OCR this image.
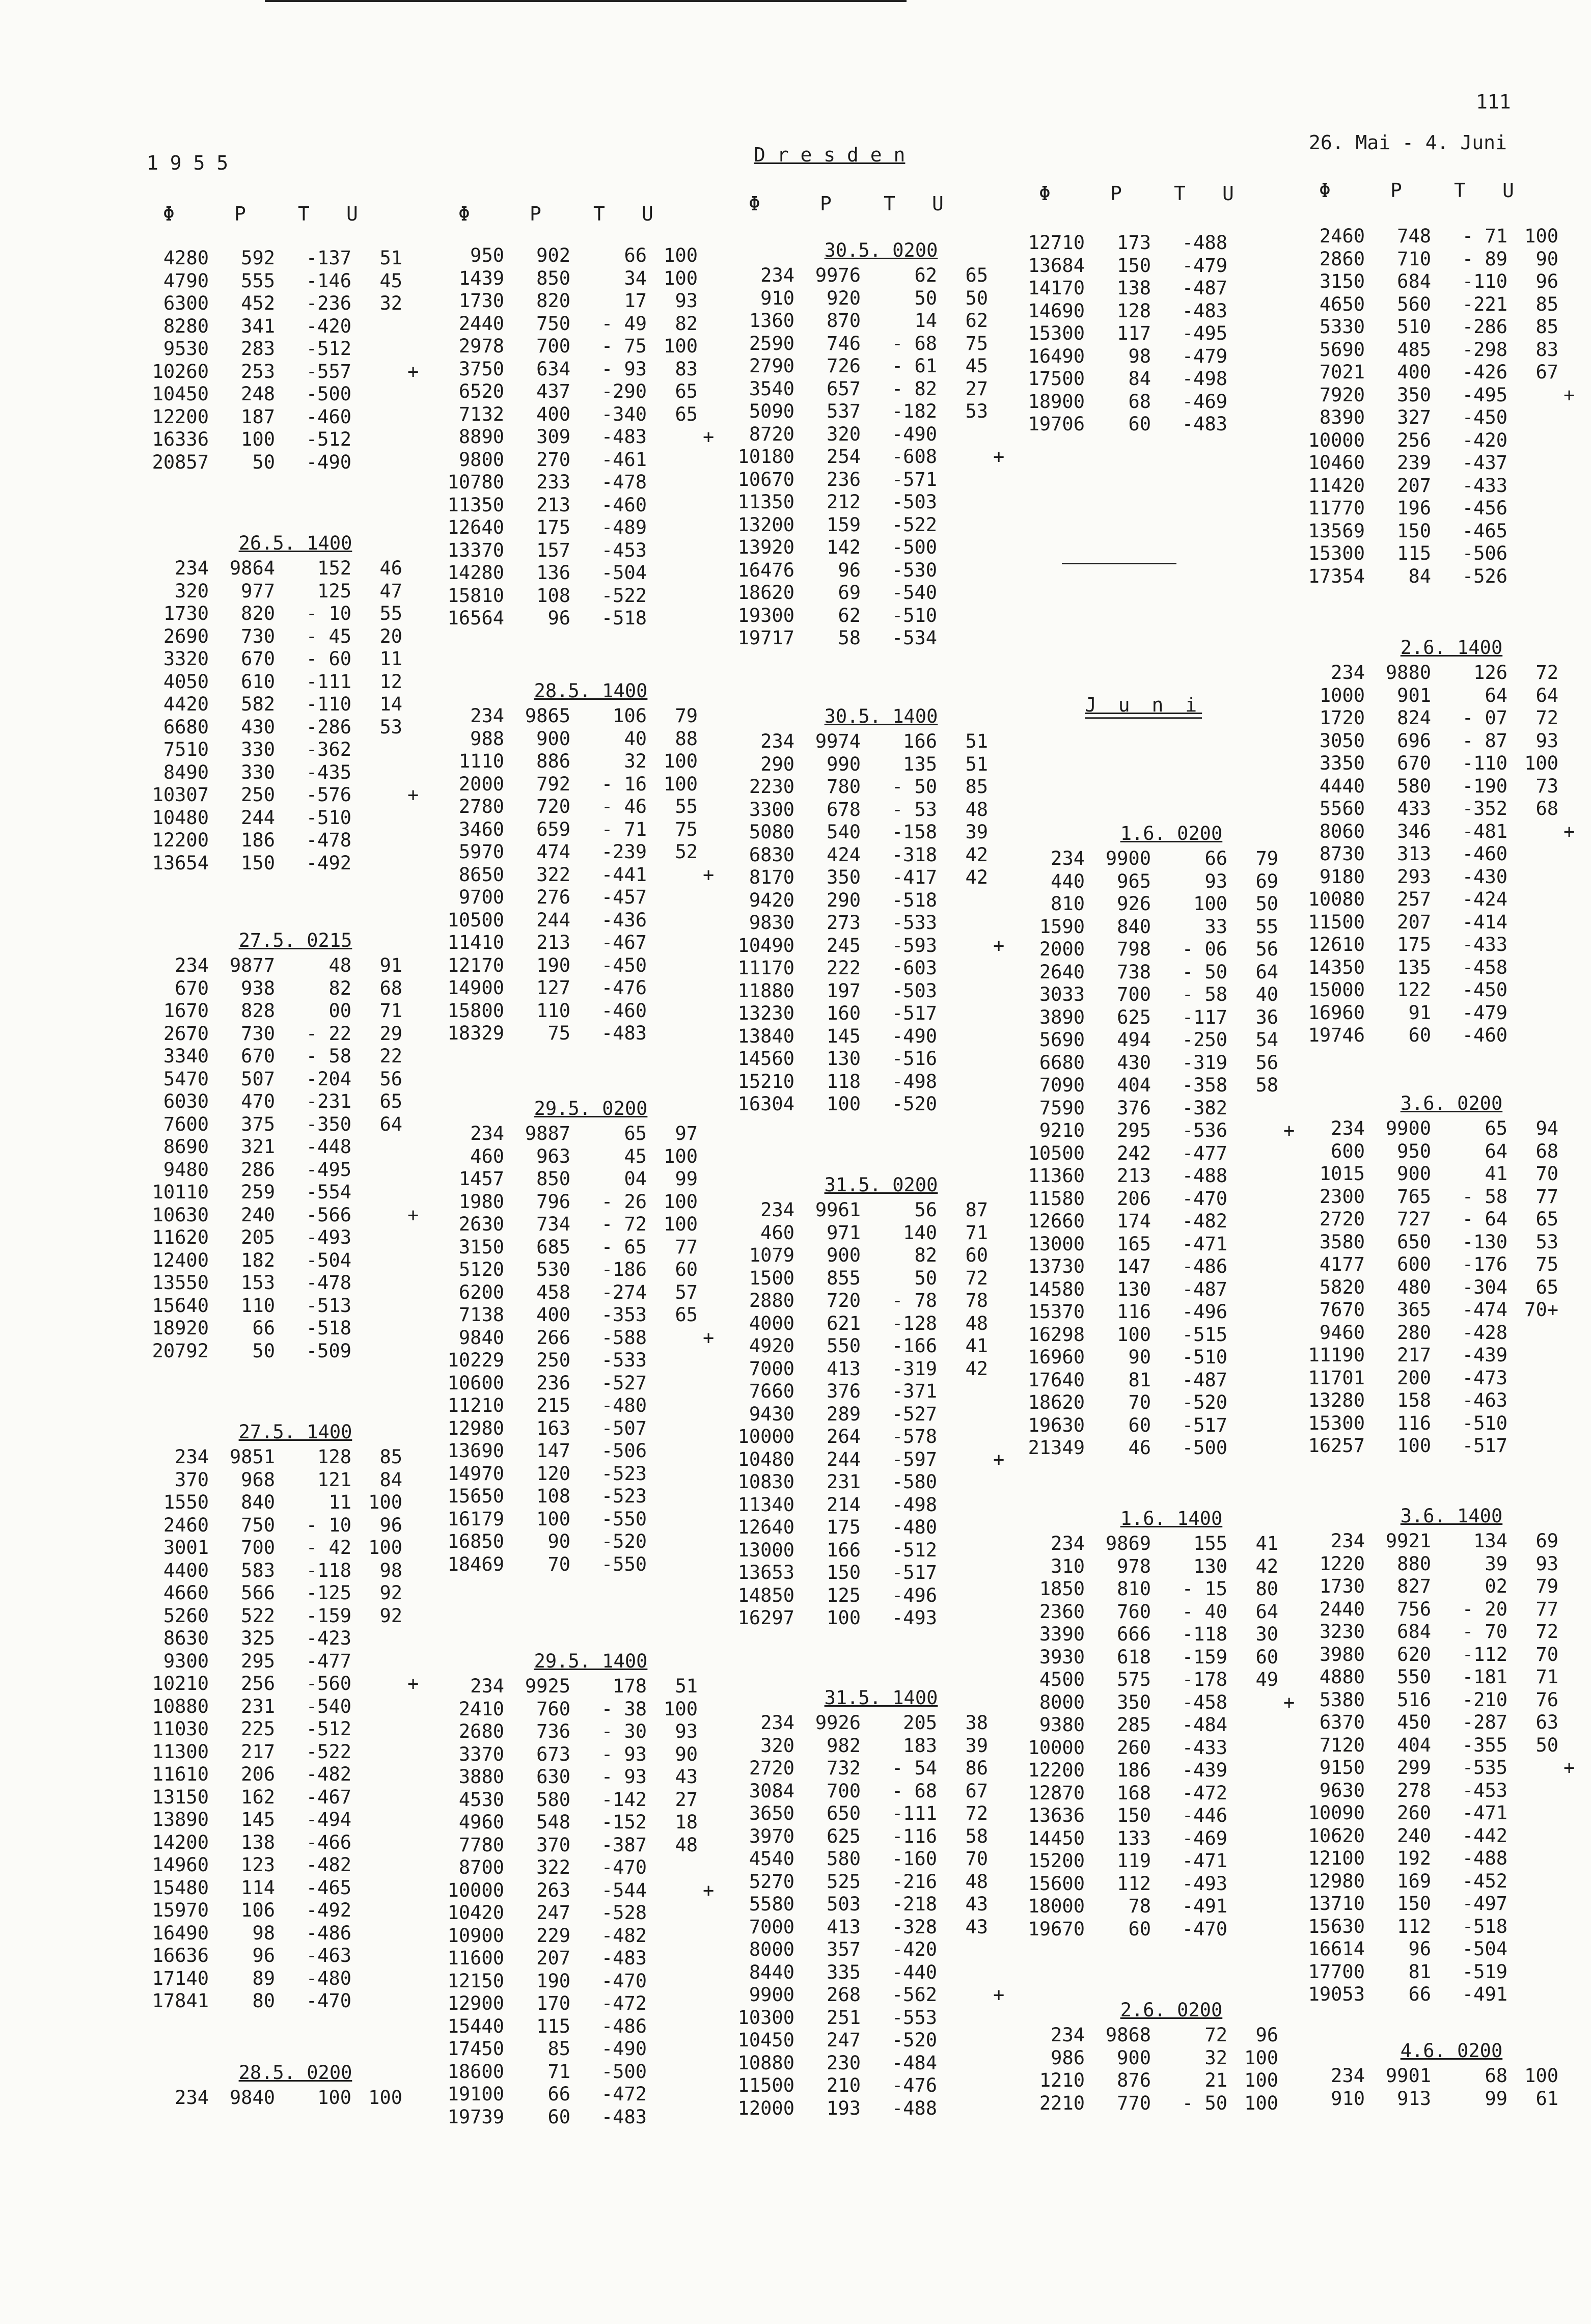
111
1 9 5 5	D r e s d e n
26. Mai - 4. Juni
J u n i
Φ	P	T U
4280	592	-137	51
4790	555	-146	45
6300	452	-236	32
8280	341	-420
9530	283	-512
10260	253	-557	+
10450	248	-500
12200	187	-460
16336	100	-512
20857	50	-490
26.5. 1400
234	9864	152	46
320	977	125	47
1730	820	- 10	55
2690	730	- 45	20
3320	670	- 60	11
4050	610	-111	12
4420	582	-110	14
6680	430	-286	53
7510	330	-362
8490	330	-435
10307	250	-576	+
10480	244	-510
12200	186	-478
13654	150	-492
27.5. 0215
234	9877	48	91
670	938	82	68
1670	828	00	71
2670	730	- 22	29
3340	670	- 58	22
5470	507	-204	56
6030	470	-231	65
7600	375	-350	64
8690	321	-448
9480	286	-495
10110	259	-554
10630	240	-566	+
11620	205	-493
12400	182	-504
13550	153	-478
15640	110	-513
18920	66	-518
20792	50	-509
27.5. 1400
234	9851	128	85
370	968	121	84
1550	840	11 100
2460	750	- 10	96
3001	700	- 42 100
4400	583	-118	98
4660	566	-125	92
5260	522	-159	92
8630	325	-423
9300	295	-477
10210	256	-560	+
10880	231	-540
11030	225	-512
11300	217	-522
11610	206	-482
13150	162	-467
13890	145	-494
14200	138	-466
14960	123	-482
15480	114	-465
15970	106	-492
16490	98	-486
16636	96	-463
17140	89	-480
17841	80	-470
28.5. 0200
234	9840	100 100
Φ	P	T U
950	902	66 100
1439	850	34 100
1730	820	17	93
2440	750	- 49	82
2978	700	- 75 100
3750	634	- 93	83
6520	437	-290	65
7132	400	-340	65
8890	309	-483	+
9800	270	-461
10780	233	-478
11350	213	-460
12640	175	-489
13370	157	-453
14280	136	-504
15810	108	-522
16564	96	-518
28.5. 1400
234	9865	106	79
988	900	40	88
1110	886	32 100
2000	792	- 16 100
2780	720	- 46	55
3460	659	- 71	75
5970	474	-239	52
8650	322	-441	+
9700	276	-457
10500	244	-436
11410	213	-467
12170	190	-450
14900	127	-476
15800	110	-460
18329	75	-483
29.5. 0200
234	9887	65	97
460	963	45 100
1457	850	04	99
1980	796	- 26 100
2630	734	- 72 100
3150	685	- 65	77
5120	530	-186	60
6200	458	-274	57
7138	400	-353	65
9840	266	-588	+
10229	250	-533
10600	236	-527
11210	215	-480
12980	163	-507
13690	147	-506
14970	120	-523
15650	108	-523
16179	100	-550
16850	90	-520
18469	70	-550
29.5. 1400
234	9925	178	51
2410	760	- 38 100
2680	736	- 30	93
3370	673	- 93	90
3880	630	- 93	43
4530	580	-142	27
4960	548	-152	18
7780	370	-387	48
8700	322	-470
10000	263	-544	+
10420	247	-528
10900	229	-482
11600	207	-483
12150	190	-470
12900	170	-472
15440	115	-486
17450	85	-490
18600	71	-500
19100	66	-472
19739	60	-483
Φ	P	T U
30.5. 0200
234	9976	62	65
910	920	50	50
1360	870	14	62
2590	746	- 68	75
2790	726	- 61	45
3540	657	- 82	27
5090	537	-182	53
8720	320	-490
10180	254	-608	+
10670	236	-571
11350	212	-503
13200	159	-522
13920	142	-500
16476	96	-530
18620	69	-540
19300	62	-510
19717	58	-534
30.5. 1400
234	9974	166	51
290	990	135	51
2230	780	- 50	85
3300	678	- 53	48
5080	540	-158	39
6830	424	-318	42
8170	350	-417	42
9420	290	-518
9830	273	-533
10490	245	-593	+
11170	222	-603
11880	197	-503
13230	160	-517
13840	145	-490
14560	130	-516
15210	118	-498
16304	100	-520
31.5. 0200
234	9961	56	87
460	971	140	71
1079	900	82	60
1500	855	50	72
2880	720	- 78	78
4000	621	-128	48
4920	550	-166	41
7000	413	-319	42
7660	376	-371
9430	289	-527
10000	264	-578
10480	244	-597	+
10830	231	-580
11340	214	-498
12640	175	-480
13000	166	-512
13653	150	-517
14850	125	-496
16297	100	-493
31.5. 1400
234	9926	205	38
320	982	183	39
2720	732	- 54	86
3084	700	- 68	67
3650	650	-111	72
3970	625	-116	58
4540	580	-160	70
5270	525	-216	48
5580	503	-218	43
7000	413	-328	43
8000	357	-420
8440	335	-440
9900	268	-562	+
10300	251	-553
10450	247	-520
10880	230	-484
11500	210	-476
12000	193	-488
Φ	P	T U
12710	173	-488
13684	150	-479
14170	138	-487
14690	128	-483
15300	117	-495
16490	98	-479
17500	84	-498
18900	68	-469
19706	60	-483
1.6. 0200
234	9900	66	79
440	965	93	69
810	926	100	50
1590	840	33	55
2000	798	- 06	56
2640	738	- 50	64
3033	700	- 58	40
3890	625	-117	36
5690	494	-250	54
6680	430	-319	56
7090	404	-358	58
7590	376	-382
9210	295	-536	+
10500	242	-477
11360	213	-488
11580	206	-470
12660	174	-482
13000	165	-471
13730	147	-486
14580	130	-487
15370	116	-496
16298	100	-515
16960	90	-510
17640	81	-487
18620	70	-520
19630	60	-517
21349	46	-500
1.6. 1400
234	9869	155	41
310	978	130	42
1850	810	- 15	80
2360	760	- 40	64
3390	666	-118	30
3930	618	-159	60
4500	575	-178	49
8000	350	-458	+
9380	285	-484
10000	260	-433
12200	186	-439
12870	168	-472
13636	150	-446
14450	133	-469
15200	119	-471
15600	112	-493
18000	78	-491
19670	60	-470
2.6. 0200
234	9868	72	96
986	900	32 100
1210	876	21 100
2210	770	- 50 100
Φ	P	T U
2460	748	- 71 100
2860	710	- 89	90
3150	684	-110	96
4650	560	-221	85
5330	510	-286	85
5690	485	-298	83
7021	400	-426	67
7920	350	-495	+
8390	327	-450
10000	256	-420
10460	239	-437
11420	207	-433
11770	196	-456
13569	150	-465
15300	115	-506
17354	84	-526
2.6. 1400
234	9880	126	72
1000	901	64	64
1720	824	- 07	72
3050	696	- 87	93
3350	670	-110 100
4440	580	-190	73
5560	433	-352	68
8060	346	-481	+
8730	313	-460
9180	293	-430
10080	257	-424
11500	207	-414
12610	175	-433
14350	135	-458
15000	122	-450
16960	91	-479
19746	60	-460
3.6. 0200
234	9900	65	94
600	950	64	68
1015	900	41	70
2300	765	- 58	77
2720	727	- 64	65
3580	650	-130	53
4177	600	-176	75
5820	480	-304	65
7670	365	-474 70+
9460	280	-428
11190	217	-439
11701	200	-473
13280	158	-463
15300	116	-510
16257	100	-517
3.6. 1400
234	9921	134	69
1220	880	39	93
1730	827	02	79
2440	756	- 20	77
3230	684	- 70	72
3980	620	-112	70
4880	550	-181	71
5380	516	-210	76
6370	450	-287	63
7120	404	-355	50
9150	299	-535	+
9630	278	-453
10090	260	-471
10620	240	-442
12100	192	-488
12980	169	-452
13710	150	-497
15630	112	-518
16614	96	-504
17700	81	-519
19053	66	-491
4.6. 0200
234	9901	68 100
910	913	99	61
